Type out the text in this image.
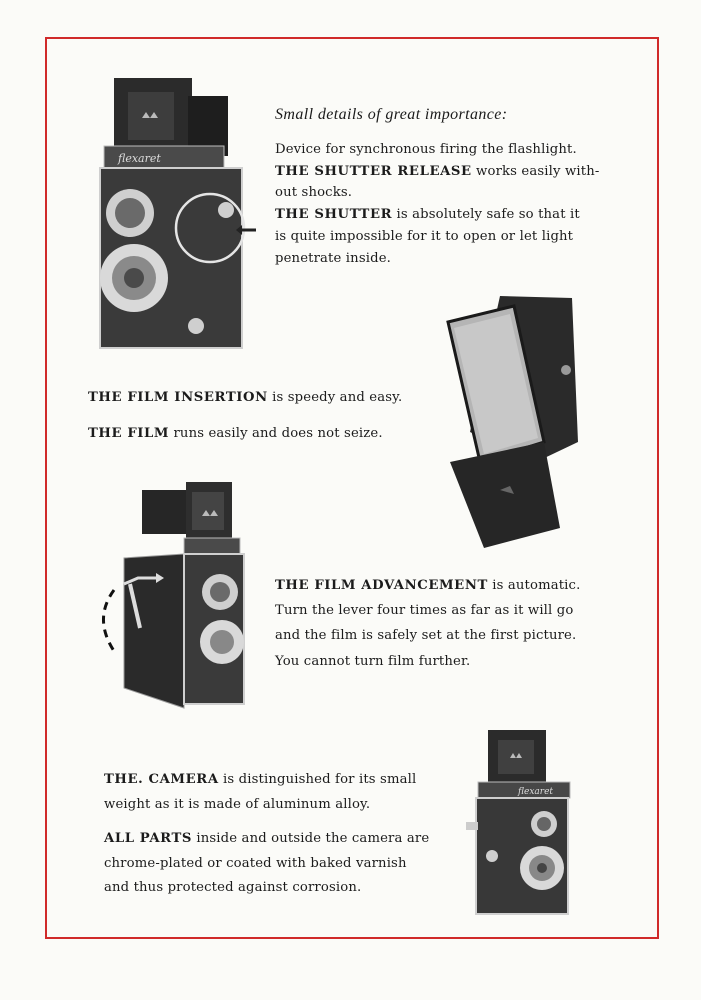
flexaret
flexaret

Small details of great importance:

Device for synchronous firing the flashlight.

THE SHUTTER RELEASE works easily with-

out shocks.

THE SHUTTER is absolutely safe so that it

is quite impossible for it to open or let light

penetrate inside.

THE FILM INSERTION is speedy and easy.

THE FILM runs easily and does not seize.

THE FILM ADVANCEMENT is automatic.

Turn the lever four times as far as it will go

and the film is safely set at the first picture.

You cannot turn film further.

THE. CAMERA is distinguished for its small

weight as it is made of aluminum alloy.

ALL PARTS inside and outside the camera are

chrome-plated or coated with baked varnish

and thus protected against corrosion.
